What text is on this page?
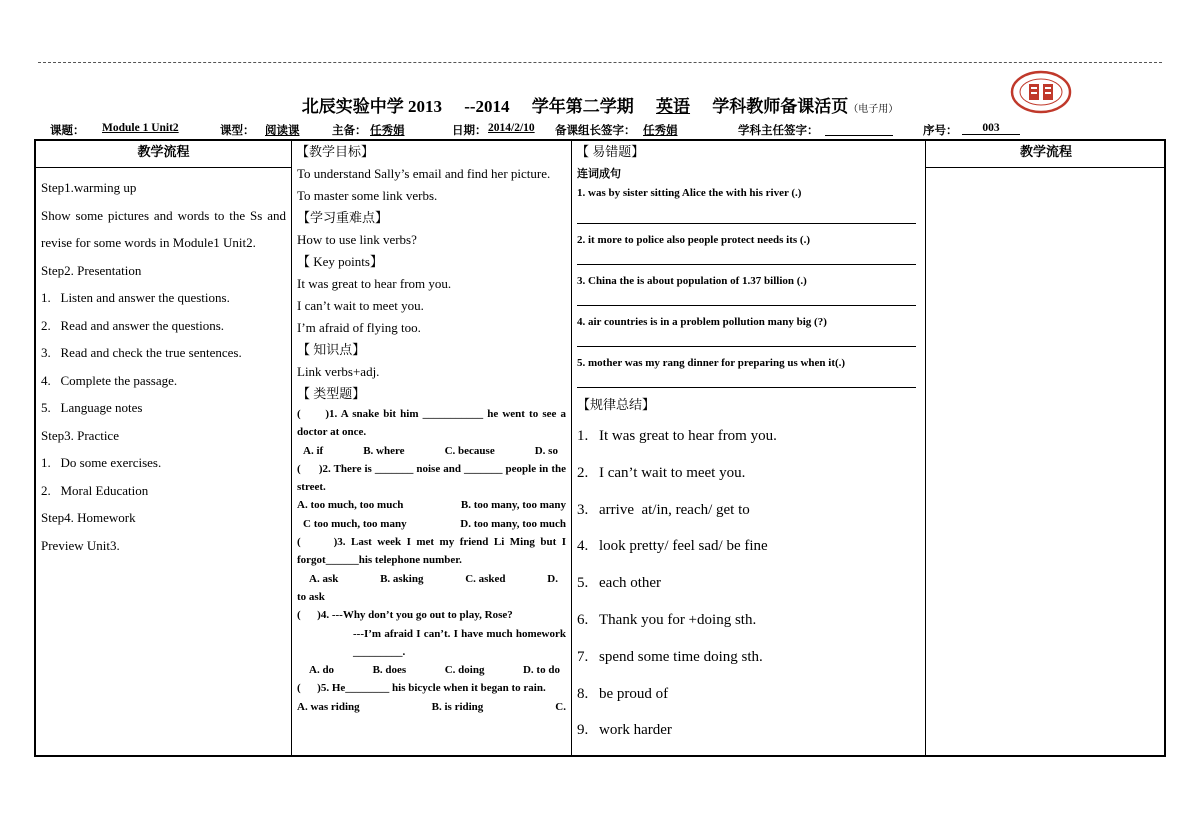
北辰实验中学 2013 --2014 学年第二学期 英语 学科教师备课活页（电子用）
课题： Module 1 Unit2	课型： 阅读课	主备： 任秀娟	日期： 2014/2/10 备课组长签字： 任秀娟	学科主任签字：	序号：	003
教学流程

Step1.warming up

Show some pictures and words to the Ss and revise for some words in Module1 Unit2.

Step2. Presentation

1.   Listen and answer the questions.

2.   Read and answer the questions.

3.   Read and check the true sentences.

4.   Complete the passage.

5.   Language notes

Step3. Practice

1.   Do some exercises.

2.   Moral Education

Step4. Homework

Preview Unit3.

【教学目标】

To understand Sally’s email and find her picture.

To master some link verbs.

【学习重难点】

How to use link verbs?

【 Key points】

It was great to hear from you.

I can’t wait to meet you.

I’m afraid of flying too.

【 知识点】

Link verbs+adj.

【 类型题】

(      )1. A snake bit him ___________ he went to see a doctor at once.

A. if	B. where	C. because	D. so

(      )2. There is _______ noise and _______ people in the street.

A. too much, too much	B. too many, too many
C too much, too many	D. too many, too much

(      )3. Last week I met my friend Li Ming but I forgot______his telephone number.

A. ask	B. asking	C. asked	D.

to ask

(      )4. ---Why don’t you go out to play, Rose?

---I’m afraid I can’t. I have much homework _________.

A. do	B. does	C. doing	D. to do

(      )5. He________ his bicycle when it began to rain.

A. was riding	B. is riding	C.
【 易错题】
连词成句
1. was by sister sitting Alice the with his river (.)
2. it more to police also people protect needs its (.)
3. China the is about population of 1.37 billion (.)
4. air countries is in a problem pollution many big (?)
5. mother was my rang dinner for preparing us when it(.)
【规律总结】

1. It was great to hear from you.

2. I can’t wait to meet you.

3. arrive  at/in, reach/ get to

4. look pretty/ feel sad/ be fine

5. each other

6. Thank you for +doing sth.

7. spend some time doing sth.

8. be proud of

9. work harder

教学流程
